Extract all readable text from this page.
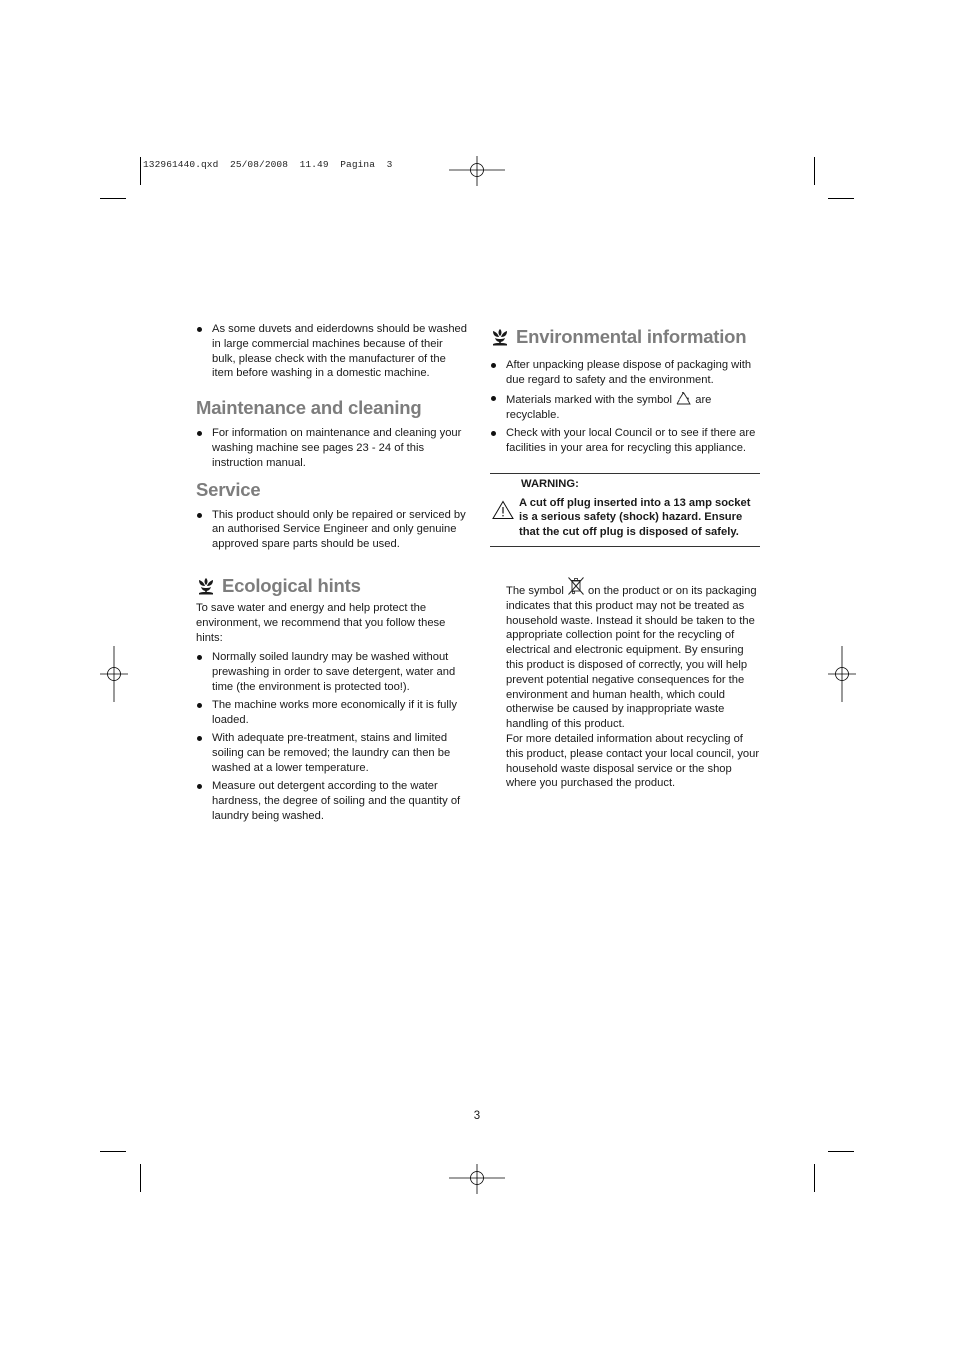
132961440.qxd  25/08/2008  11.49  Pagina  3
As some duvets and eiderdowns should be washed in large commercial machines because of their bulk, please check with the manufacturer of the item before washing in a domestic machine.
Maintenance and cleaning
For information on maintenance and cleaning your washing machine see pages 23 - 24 of this instruction manual.
Service
This product should only be repaired or serviced by an authorised Service Engineer and only genuine approved spare parts should be used.
Ecological hints

To save water and energy and help protect the environment, we recommend that you follow these hints:

Normally soiled laundry may be washed without prewashing in order to save detergent, water and time (the environment is protected too!).
The machine works more economically if it is fully loaded.
With adequate pre-treatment, stains and limited soiling can be removed; the laundry can then be washed at a lower temperature.
Measure out detergent according to the water hardness, the degree of soiling and the quantity of laundry being washed.
Environmental information
After unpacking please dispose of packaging with due regard to safety and the environment.
Materials marked with the symbol are recyclable.
Check with your local Council or to see if there are facilities in your area for recycling this appliance.
WARNING:
A cut off plug inserted into a 13 amp socket is a serious safety (shock) hazard. Ensure that the cut off plug is disposed of safely.

The symbol on the product or on its packaging indicates that this product may not be treated as household waste. Instead it should be taken to the appropriate collection point for the recycling of electrical and electronic equipment. By ensuring this product is disposed of correctly, you will help prevent potential negative consequences for the environment and human health, which could otherwise be caused by inappropriate waste handling of this product.

For more detailed information about recycling of this product, please contact your local council, your household waste disposal service or the shop where you purchased the product.

3
